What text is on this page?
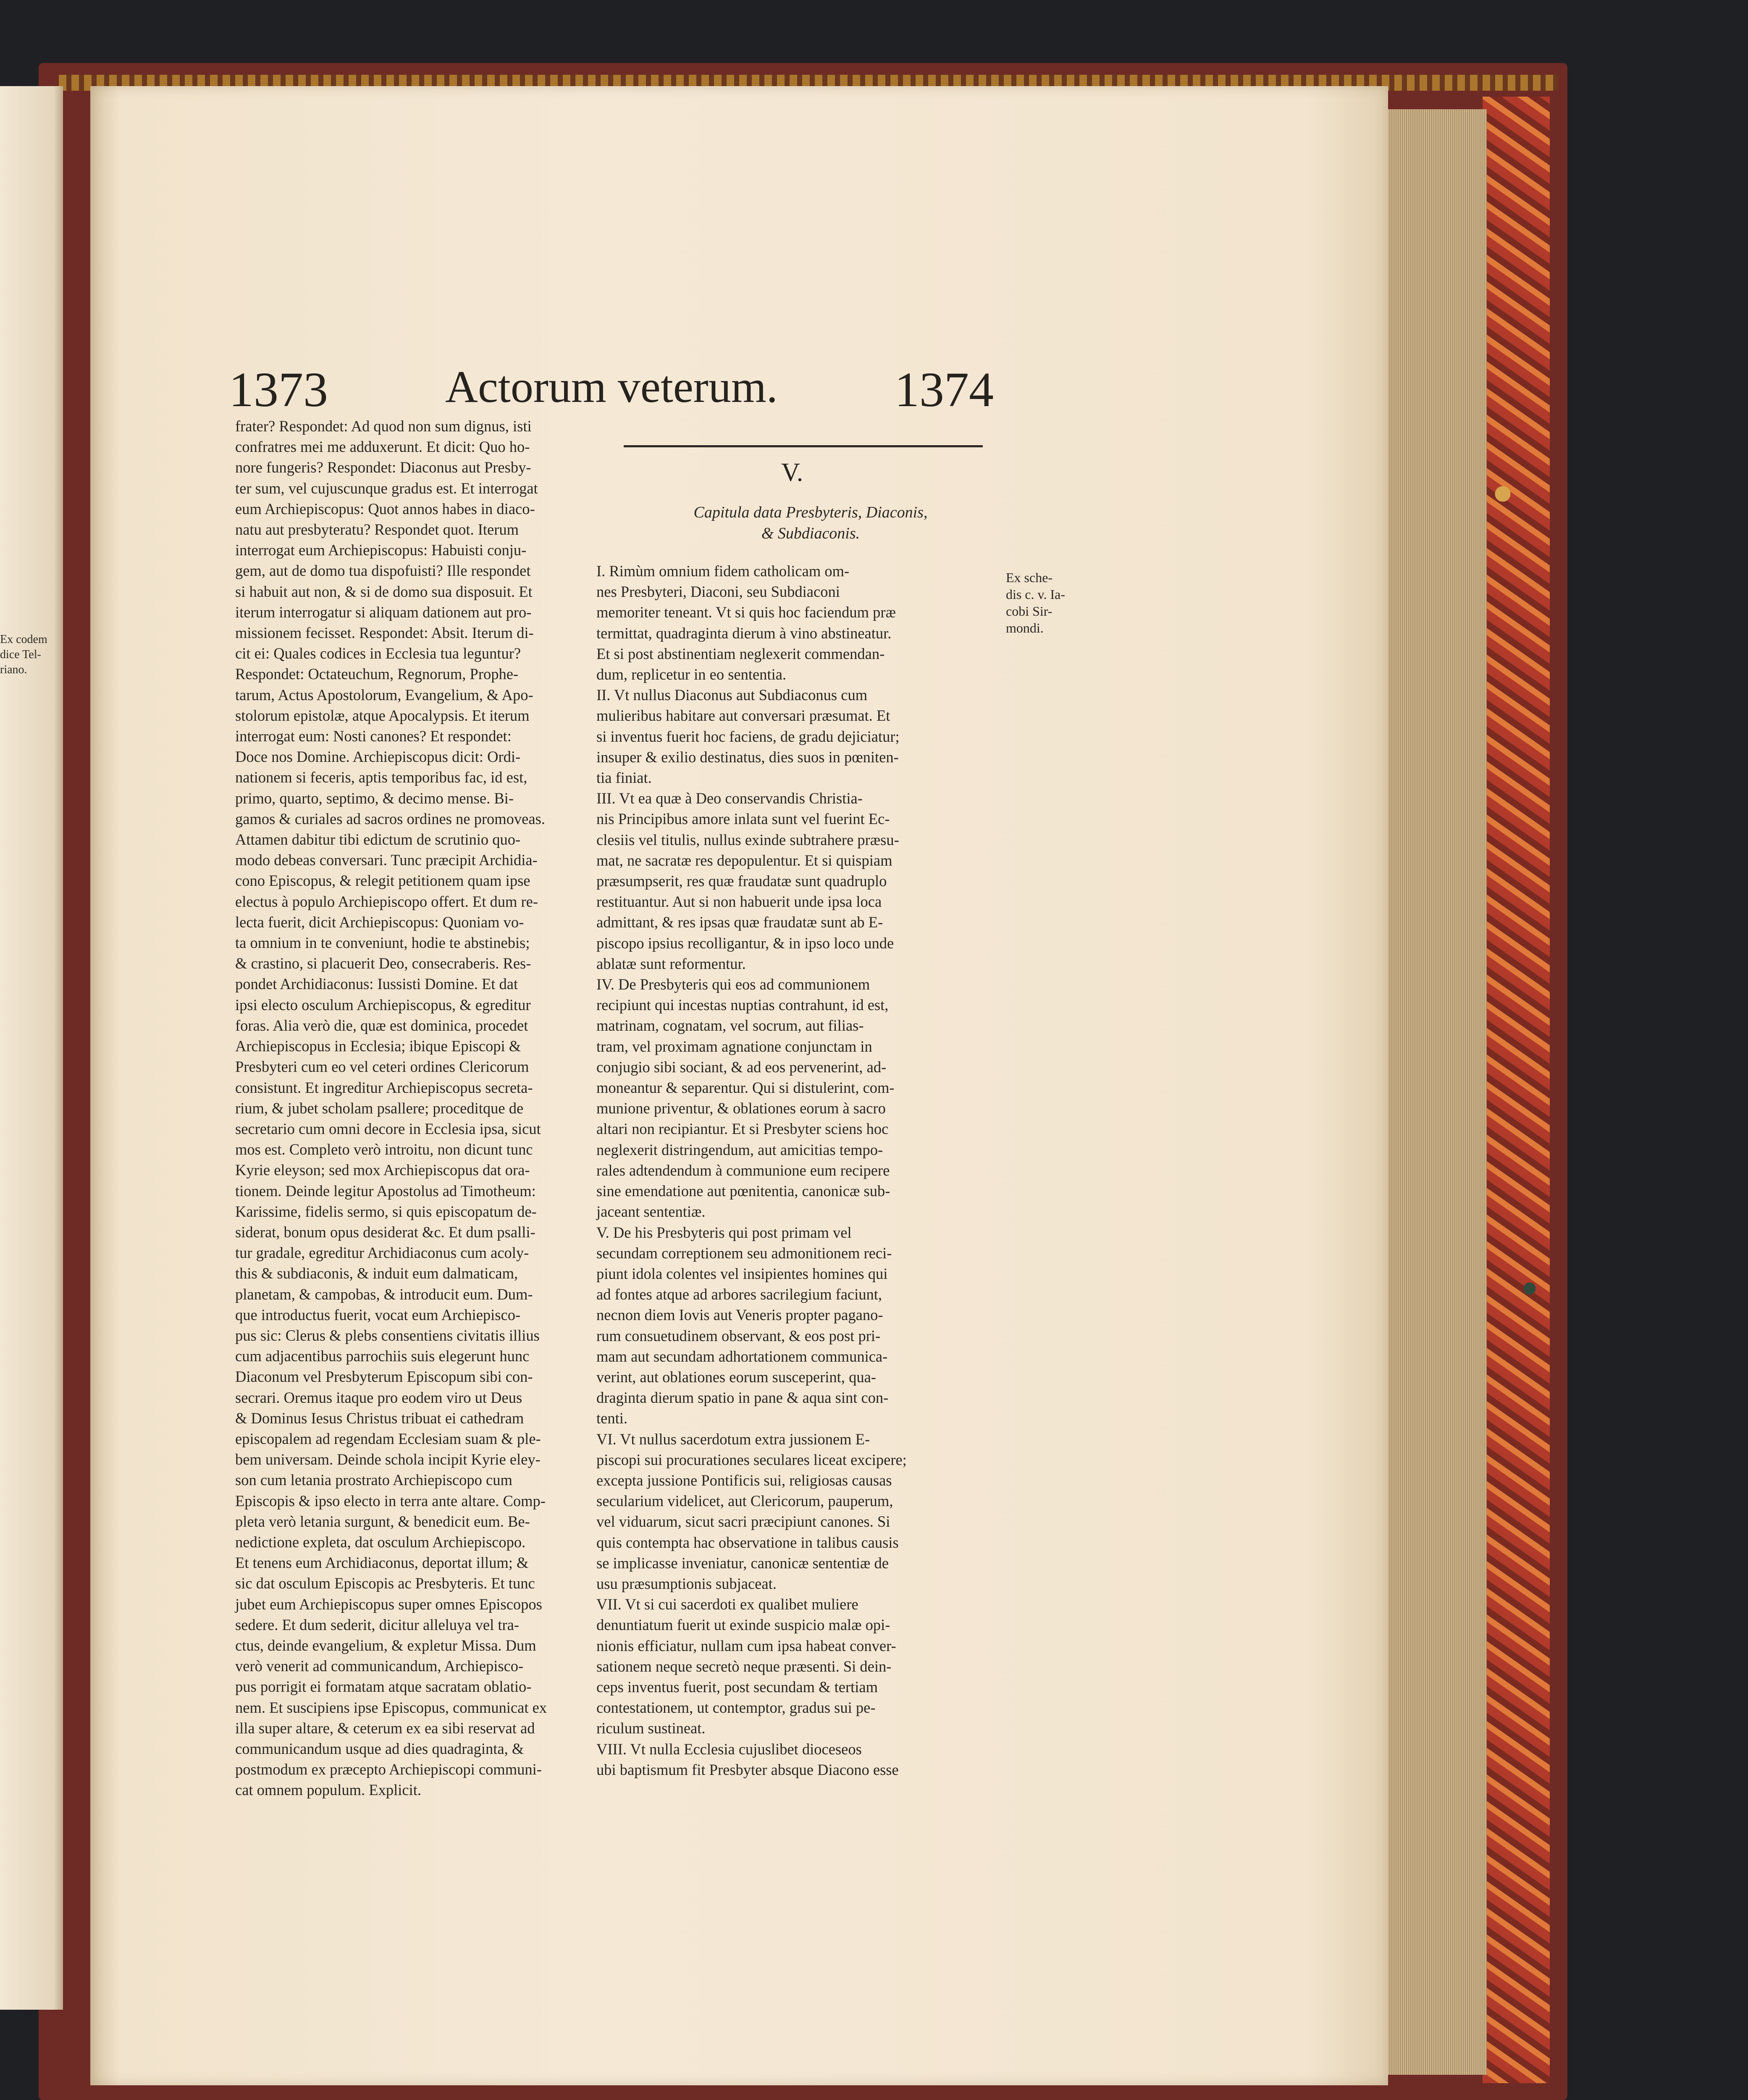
Ex codem
dice Tel-
riano.
1373	Actorum veterum. 1374
frater? Respondet: Ad quod non sum dignus, isti
confratres mei me adduxerunt. Et dicit: Quo ho-
nore fungeris? Respondet: Diaconus aut Presby-
ter sum, vel cujuscunque gradus est. Et interrogat
eum Archiepiscopus: Quot annos habes in diaco-
natu aut presbyteratu? Respondet quot. Iterum
interrogat eum Archiepiscopus: Habuisti conju-
gem, aut de domo tua dispofuisti? Ille respondet
si habuit aut non, & si de domo sua disposuit. Et
iterum interrogatur si aliquam dationem aut pro-
missionem fecisset. Respondet: Absit. Iterum di-
cit ei: Quales codices in Ecclesia tua leguntur?
Respondet: Octateuchum, Regnorum, Prophe-
tarum, Actus Apostolorum, Evangelium, & Apo-
stolorum epistolæ, atque Apocalypsis. Et iterum
interrogat eum: Nosti canones? Et respondet:
Doce nos Domine. Archiepiscopus dicit: Ordi-
nationem si feceris, aptis temporibus fac, id est,
primo, quarto, septimo, & decimo mense. Bi-
gamos & curiales ad sacros ordines ne promoveas.
Attamen dabitur tibi edictum de scrutinio quo-
modo debeas conversari. Tunc præcipit Archidia-
cono Episcopus, & relegit petitionem quam ipse
electus à populo Archiepiscopo offert. Et dum re-
lecta fuerit, dicit Archiepiscopus: Quoniam vo-
ta omnium in te conveniunt, hodie te abstinebis;
& crastino, si placuerit Deo, consecraberis. Res-
pondet Archidiaconus: Iussisti Domine. Et dat
ipsi electo osculum Archiepiscopus, & egreditur
foras. Alia verò die, quæ est dominica, procedet
Archiepiscopus in Ecclesia; ibique Episcopi &
Presbyteri cum eo vel ceteri ordines Clericorum
consistunt. Et ingreditur Archiepiscopus secreta-
rium, & jubet scholam psallere; proceditque de
secretario cum omni decore in Ecclesia ipsa, sicut
mos est. Completo verò introitu, non dicunt tunc
Kyrie eleyson; sed mox Archiepiscopus dat ora-
tionem. Deinde legitur Apostolus ad Timotheum:
Karissime, fidelis sermo, si quis episcopatum de-
siderat, bonum opus desiderat &c. Et dum psalli-
tur gradale, egreditur Archidiaconus cum acoly-
this & subdiaconis, & induit eum dalmaticam,
planetam, & campobas, & introducit eum. Dum-
que introductus fuerit, vocat eum Archiepisco-
pus sic: Clerus & plebs consentiens civitatis illius
cum adjacentibus parrochiis suis elegerunt hunc
Diaconum vel Presbyterum Episcopum sibi con-
secrari. Oremus itaque pro eodem viro ut Deus
& Dominus Iesus Christus tribuat ei cathedram
episcopalem ad regendam Ecclesiam suam & ple-
bem universam. Deinde schola incipit Kyrie eley-
son cum letania prostrato Archiepiscopo cum
Episcopis & ipso electo in terra ante altare. Comp-
pleta verò letania surgunt, & benedicit eum. Be-
nedictione expleta, dat osculum Archiepiscopo.
Et tenens eum Archidiaconus, deportat illum; &
sic dat osculum Episcopis ac Presbyteris. Et tunc
jubet eum Archiepiscopus super omnes Episcopos
sedere. Et dum sederit, dicitur alleluya vel tra-
ctus, deinde evangelium, & expletur Missa. Dum
verò venerit ad communicandum, Archiepisco-
pus porrigit ei formatam atque sacratam oblatio-
nem. Et suscipiens ipse Episcopus, communicat ex
illa super altare, & ceterum ex ea sibi reservat ad
communicandum usque ad dies quadraginta, &
postmodum ex præcepto Archiepiscopi communi-
cat omnem populum. Explicit.
V.
Capitula data Presbyteris, Diaconis,
& Subdiaconis.
I. Rimùm omnium fidem catholicam om-
nes Presbyteri, Diaconi, seu Subdiaconi
memoriter teneant. Vt si quis hoc faciendum præ
termittat, quadraginta dierum à vino abstineatur.
Et si post abstinentiam neglexerit commendan-
dum, replicetur in eo sententia.
II. Vt nullus Diaconus aut Subdiaconus cum
mulieribus habitare aut conversari præsumat. Et
si inventus fuerit hoc faciens, de gradu dejiciatur;
insuper & exilio destinatus, dies suos in pœniten-
tia finiat.
III. Vt ea quæ à Deo conservandis Christia-
nis Principibus amore inlata sunt vel fuerint Ec-
clesiis vel titulis, nullus exinde subtrahere præsu-
mat, ne sacratæ res depopulentur. Et si quispiam
præsumpserit, res quæ fraudatæ sunt quadruplo
restituantur. Aut si non habuerit unde ipsa loca
admittant, & res ipsas quæ fraudatæ sunt ab E-
piscopo ipsius recolligantur, & in ipso loco unde
ablatæ sunt reformentur.
IV. De Presbyteris qui eos ad communionem
recipiunt qui incestas nuptias contrahunt, id est,
matrinam, cognatam, vel socrum, aut filias-
tram, vel proximam agnatione conjunctam in
conjugio sibi sociant, & ad eos pervenerint, ad-
moneantur & separentur. Qui si distulerint, com-
munione priventur, & oblationes eorum à sacro
altari non recipiantur. Et si Presbyter sciens hoc
neglexerit distringendum, aut amicitias tempo-
rales adtendendum à communione eum recipere
sine emendatione aut pœnitentia, canonicæ sub-
jaceant sententiæ.
V. De his Presbyteris qui post primam vel
secundam correptionem seu admonitionem reci-
piunt idola colentes vel insipientes homines qui
ad fontes atque ad arbores sacrilegium faciunt,
necnon diem Iovis aut Veneris propter pagano-
rum consuetudinem observant, & eos post pri-
mam aut secundam adhortationem communica-
verint, aut oblationes eorum susceperint, qua-
draginta dierum spatio in pane & aqua sint con-
tenti.
VI. Vt nullus sacerdotum extra jussionem E-
piscopi sui procurationes seculares liceat excipere;
excepta jussione Pontificis sui, religiosas causas
secularium videlicet, aut Clericorum, pauperum,
vel viduarum, sicut sacri præcipiunt canones. Si
quis contempta hac observatione in talibus causis
se implicasse inveniatur, canonicæ sententiæ de
usu præsumptionis subjaceat.
VII. Vt si cui sacerdoti ex qualibet muliere
denuntiatum fuerit ut exinde suspicio malæ opi-
nionis efficiatur, nullam cum ipsa habeat conver-
sationem neque secretò neque præsenti. Si dein-
ceps inventus fuerit, post secundam & tertiam
contestationem, ut contemptor, gradus sui pe-
riculum sustineat.
VIII. Vt nulla Ecclesia cujuslibet dioceseos
ubi baptismum fit Presbyter absque Diacono esse
Ex sche-
dis c. v. Ia-
cobi Sir-
mondi.
